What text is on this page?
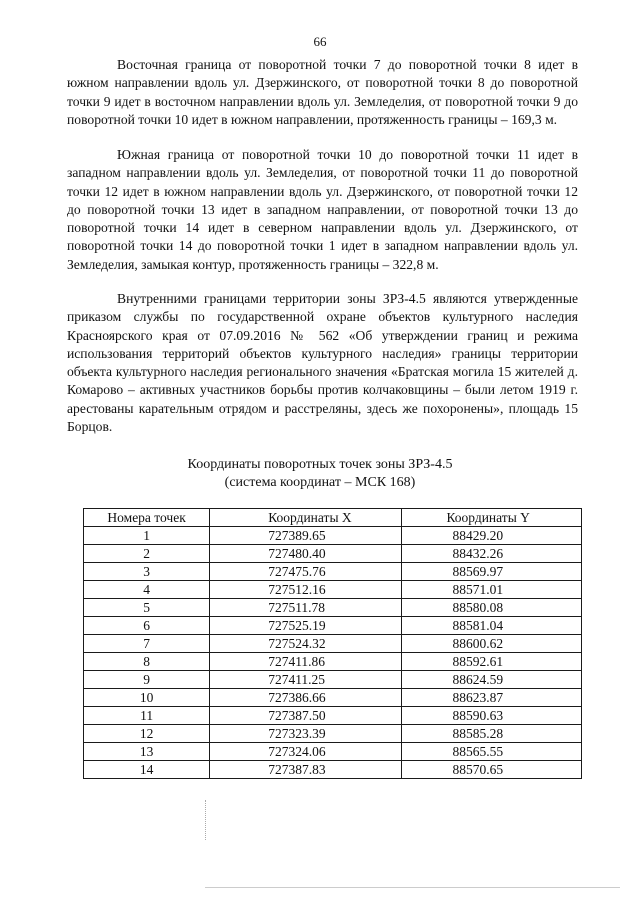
66

Восточная граница от поворотной точки 7 до поворотной точки 8 идет в южном направлении вдоль ул. Дзержинского, от поворотной точки 8 до поворотной точки 9 идет в восточном направлении вдоль ул. Земледелия, от поворотной точки 9 до поворотной точки 10 идет в южном направлении, протяженность границы – 169,3 м.

Южная граница от поворотной точки 10 до поворотной точки 11 идет в западном направлении вдоль ул. Земледелия, от поворотной точки 11 до поворотной точки 12 идет в южном направлении вдоль ул. Дзержинского, от поворотной точки 12 до поворотной точки 13 идет в западном направлении, от поворотной точки 13 до поворотной точки 14 идет в северном направлении вдоль ул. Дзержинского, от поворотной точки 14 до поворотной точки 1 идет в западном направлении вдоль ул. Земледелия, замыкая контур, протяженность границы – 322,8 м.

Внутренними границами территории зоны ЗРЗ-4.5 являются утвержденные приказом службы по государственной охране объектов культурного наследия Красноярского края от 07.09.2016 № 562 «Об утверждении границ и режима использования территорий объектов культурного наследия» границы территории объекта культурного наследия регионального значения «Братская могила 15 жителей д. Комарово – активных участников борьбы против колчаковщины – были летом 1919 г. арестованы карательным отрядом и расстреляны, здесь же похоронены», площадь 15 Борцов.

Координаты поворотных точек зоны ЗРЗ-4.5
(система координат – МСК 168)
Номера точек	Координаты X	Координаты Y
1	727389.65	88429.20
2	727480.40	88432.26
3	727475.76	88569.97
4	727512.16	88571.01
5	727511.78	88580.08
6	727525.19	88581.04
7	727524.32	88600.62
8	727411.86	88592.61
9	727411.25	88624.59
10	727386.66	88623.87
11	727387.50	88590.63
12	727323.39	88585.28
13	727324.06	88565.55
14	727387.83	88570.65
